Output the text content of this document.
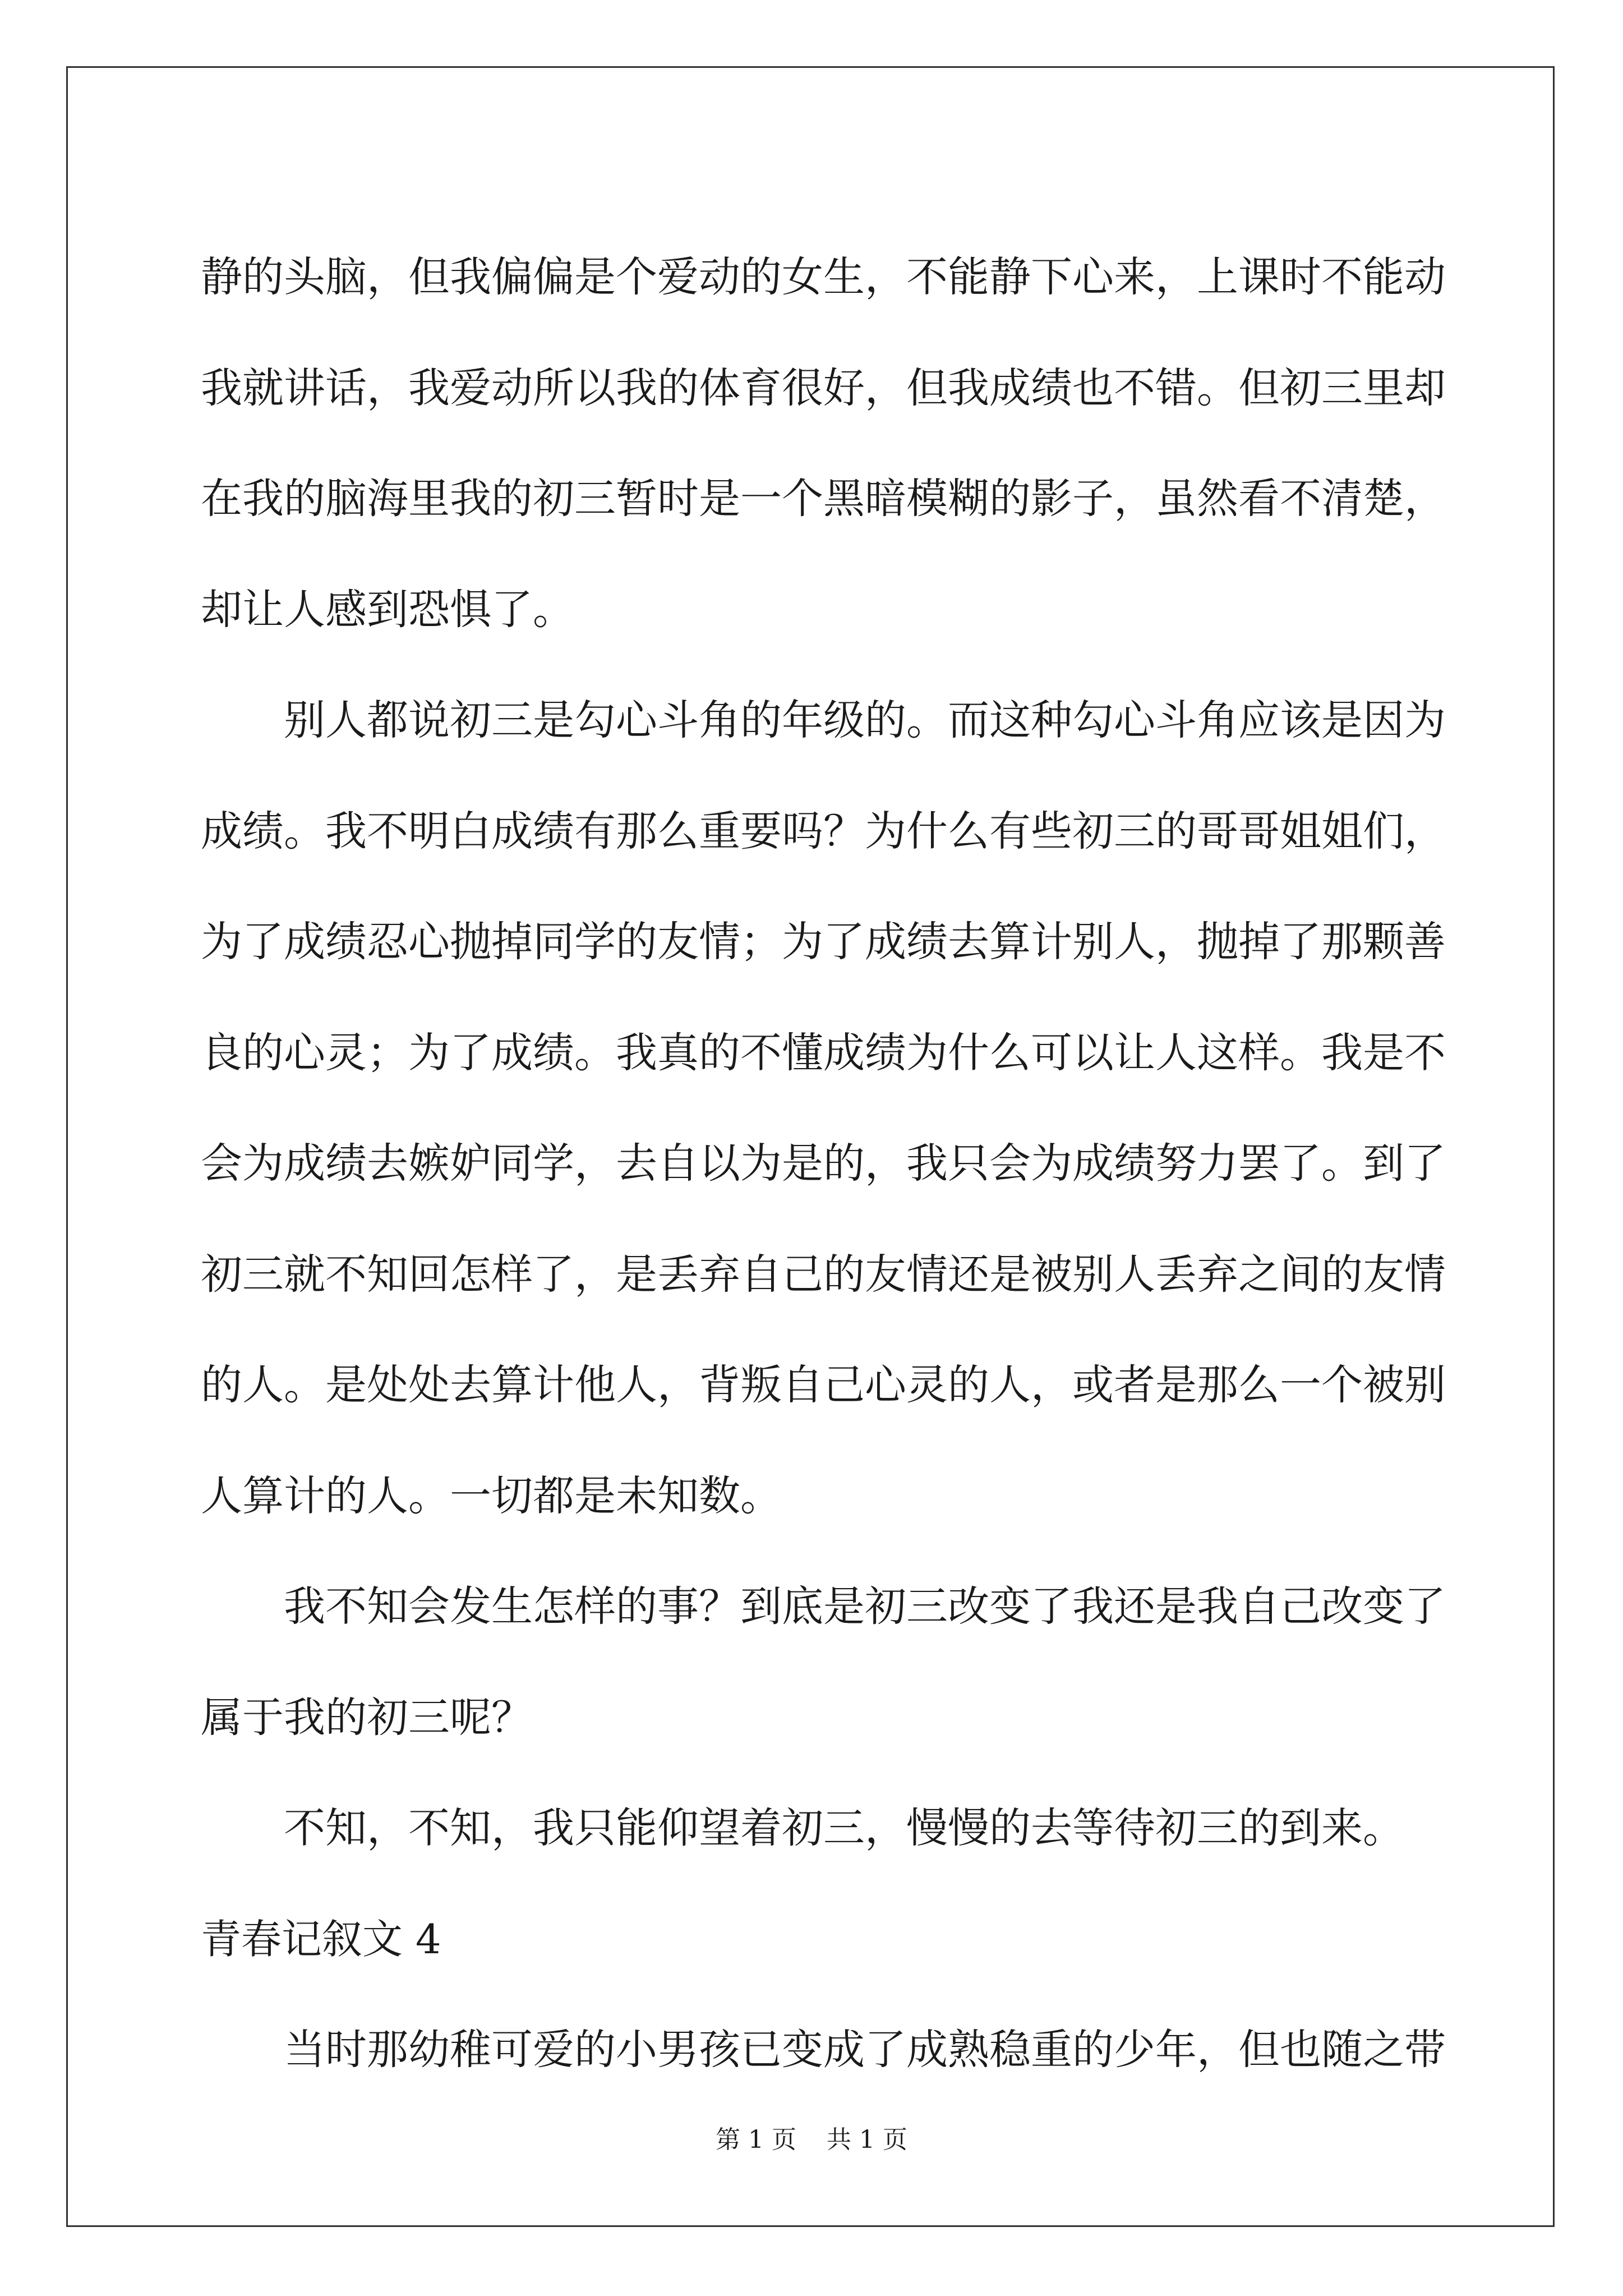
静的头脑，但我偏偏是个爱动的女生，不能静下心来，上课时不能动
我就讲话，我爱动所以我的体育很好，但我成绩也不错。但初三里却
在我的脑海里我的初三暂时是一个黑暗模糊的影子，虽然看不清楚，
却让人感到恐惧了。
别人都说初三是勾心斗角的年级的。而这种勾心斗角应该是因为
成绩。我不明白成绩有那么重要吗？为什么有些初三的哥哥姐姐们，
为了成绩忍心抛掉同学的友情；为了成绩去算计别人，抛掉了那颗善
良的心灵；为了成绩。我真的不懂成绩为什么可以让人这样。我是不
会为成绩去嫉妒同学，去自以为是的，我只会为成绩努力罢了。到了
初三就不知回怎样了，是丢弃自己的友情还是被别人丢弃之间的友情
的人。是处处去算计他人，背叛自己心灵的人，或者是那么一个被别
人算计的人。一切都是未知数。
我不知会发生怎样的事？到底是初三改变了我还是我自己改变了
属于我的初三呢？
不知，不知，我只能仰望着初三，慢慢的去等待初三的到来。
青春记叙文 4
当时那幼稚可爱的小男孩已变成了成熟稳重的少年，但也随之带
第 1 页 共 1 页
